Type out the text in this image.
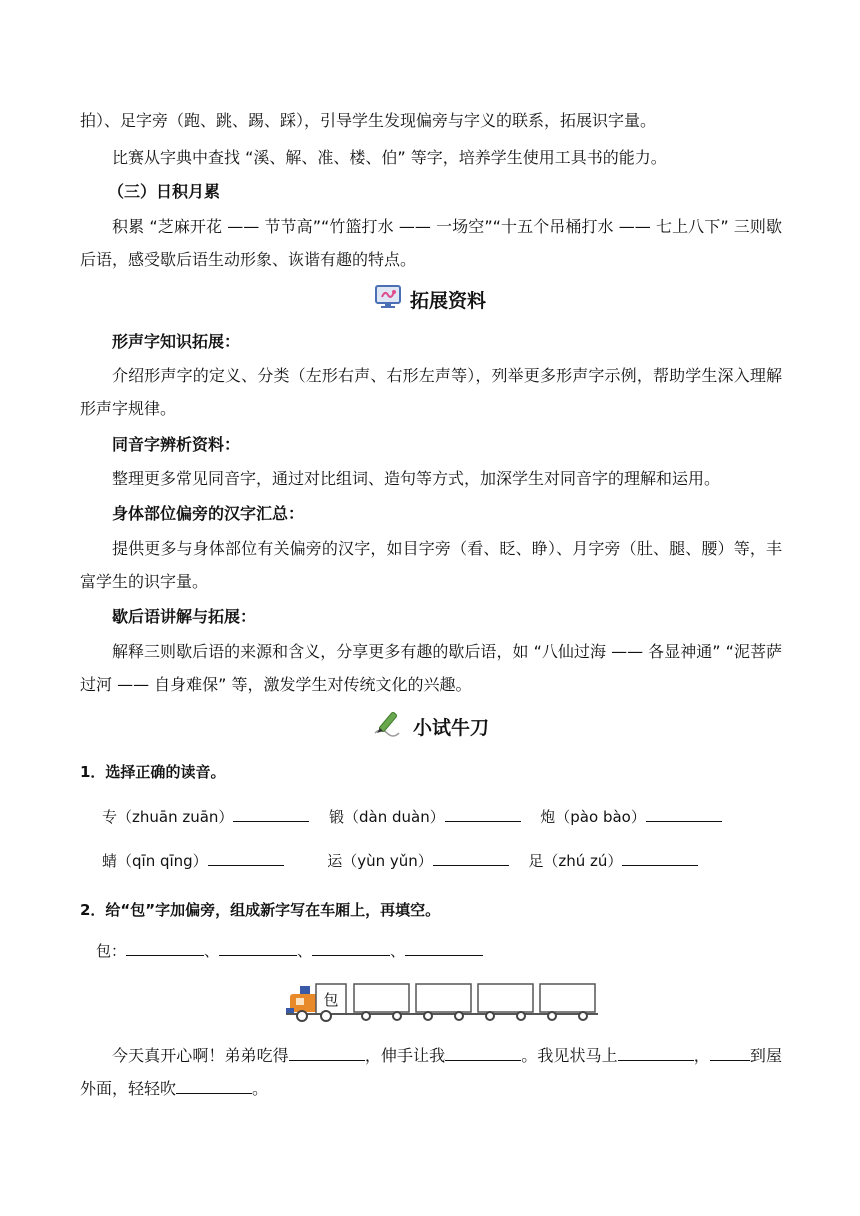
拍）、足字旁（跑、跳、踢、踩），引导学生发现偏旁与字义的联系，拓展识字量。

比赛从字典中查找 “溪、解、准、楼、伯” 等字，培养学生使用工具书的能力。

（三）日积月累

积累 “芝麻开花 —— 节节高”“竹篮打水 —— 一场空”“十五个吊桶打水 —— 七上八下” 三则歇后语，感受歇后语生动形象、诙谐有趣的特点。

拓展资料

形声字知识拓展：

介绍形声字的定义、分类（左形右声、右形左声等），列举更多形声字示例，帮助学生深入理解形声字规律。

同音字辨析资料：

整理更多常见同音字，通过对比组词、造句等方式，加深学生对同音字的理解和运用。

身体部位偏旁的汉字汇总：

提供更多与身体部位有关偏旁的汉字，如目字旁（看、眨、睁）、月字旁（肚、腿、腰）等，丰富学生的识字量。

歇后语讲解与拓展：

解释三则歇后语的来源和含义，分享更多有趣的歇后语，如 “八仙过海 —— 各显神通” “泥菩萨过河 —— 自身难保” 等，激发学生对传统文化的兴趣。

小试牛刀
1．选择正确的读音。
专（zhuān zuān）	锻（dàn duàn）	炮（pào bào）
蜻（qīn qīng）	运（yùn yǔn）	足（zhú zú）
2．给“包”字加偏旁，组成新字写在车厢上，再填空。
包：	、	、	、
包

今天真开心啊！弟弟吃得	，伸手让我	。我见状马上	，	到屋外面，轻轻吹	。
